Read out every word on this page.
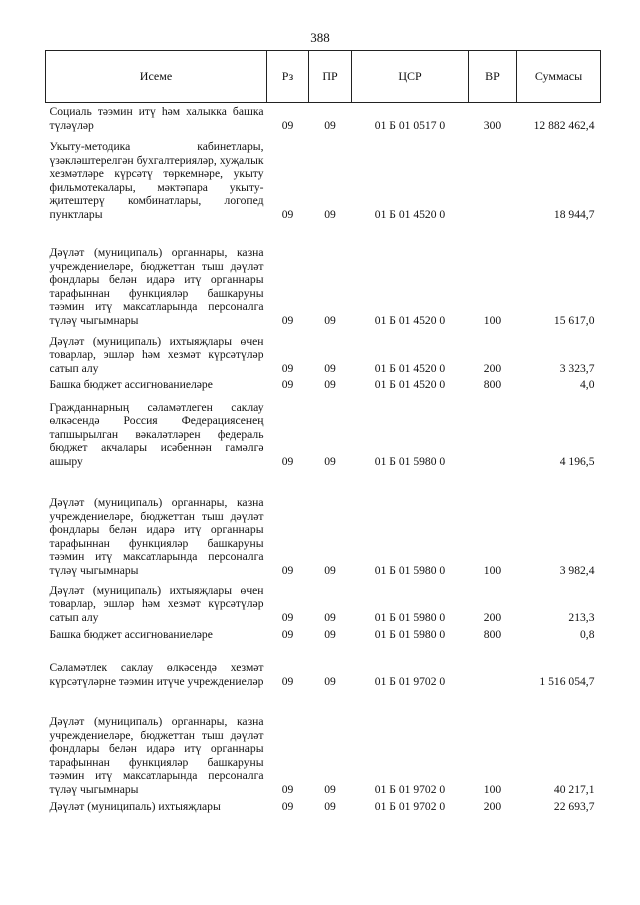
388
Исеме	Рз	ПР	ЦСР	ВР	Суммасы
Социаль тәэмин итү һәм халыкка башка түләүләр	09	09	01 Б 01 0517 0	300	12 882 462,4
Укыту-методика кабинетлары, үзәкләштерелгән бухгалтерияләр, хуҗалык хезмәтләре күрсәтү төркемнәре, укыту фильмотекалары, мәктәпара укыту-җитештерү комбинатлары, логопед пунктлары	09	09	01 Б 01 4520 0		18 944,7
Дәүләт (муниципаль) органнары, казна учреждениеләре, бюджеттан тыш дәүләт фондлары белән идарә итү органнары тарафыннан функцияләр башкаруны тәэмин итү максатларында персоналга түләү чыгымнары	09	09	01 Б 01 4520 0	100	15 617,0
Дәүләт (муниципаль) ихтыяҗлары өчен товарлар, эшләр һәм хезмәт күрсәтүләр сатып алу	09	09	01 Б 01 4520 0	200	3 323,7
Башка бюджет ассигнованиеләре	09	09	01 Б 01 4520 0	800	4,0
Гражданнарның сәламәтлеген саклау өлкәсендә Россия Федерациясенең тапшырылган вәкаләтләрен федераль бюджет акчалары исәбеннән гамәлгә ашыру	09	09	01 Б 01 5980 0		4 196,5
Дәүләт (муниципаль) органнары, казна учреждениеләре, бюджеттан тыш дәүләт фондлары белән идарә итү органнары тарафыннан функцияләр башкаруны тәэмин итү максатларында персоналга түләү чыгымнары	09	09	01 Б 01 5980 0	100	3 982,4
Дәүләт (муниципаль) ихтыяҗлары өчен товарлар, эшләр һәм хезмәт күрсәтүләр сатып алу	09	09	01 Б 01 5980 0	200	213,3
Башка бюджет ассигнованиеләре	09	09	01 Б 01 5980 0	800	0,8
Сәламәтлек саклау өлкәсендә хезмәт күрсәтүләрне тәэмин итүче учреждениеләр	09	09	01 Б 01 9702 0		1 516 054,7
Дәүләт (муниципаль) органнары, казна учреждениеләре, бюджеттан тыш дәүләт фондлары белән идарә итү органнары тарафыннан функцияләр башкаруны тәэмин итү максатларында персоналга түләү чыгымнары	09	09	01 Б 01 9702 0	100	40 217,1
Дәүләт (муниципаль) ихтыяҗлары	09	09	01 Б 01 9702 0	200	22 693,7
